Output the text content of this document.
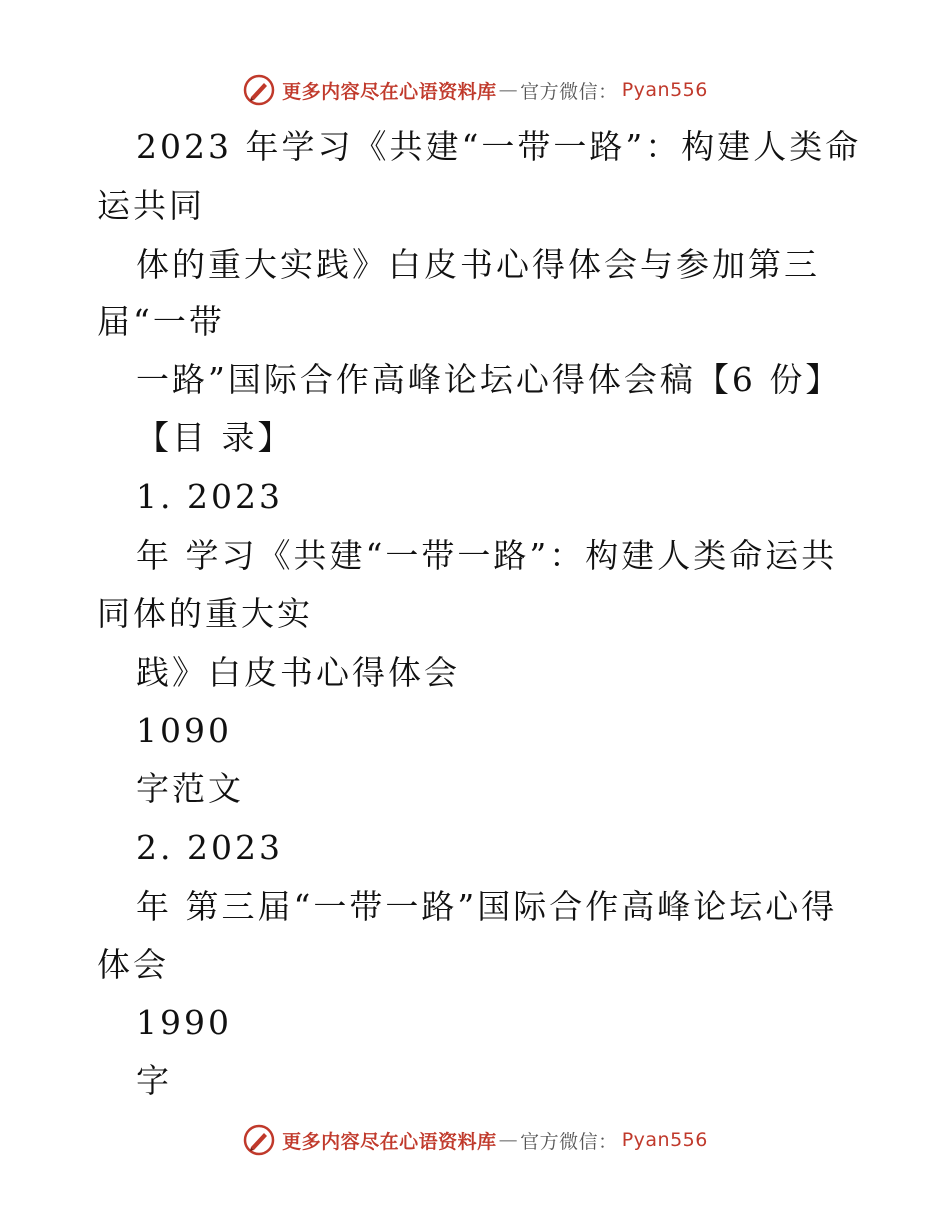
更多内容尽在心语资料库 — 官方微信： Pyan556
2023 年学习《共建“一带一路”：构建人类命
运共同
体的重大实践》白皮书心得体会与参加第三
届“一带
一路”国际合作高峰论坛心得体会稿【6 份】
【目 录】
1. 2023
年 学习《共建“一带一路”：构建人类命运共
同体的重大实
践》白皮书心得体会
1090
字范文
2. 2023
年 第三届“一带一路”国际合作高峰论坛心得
体会
1990
字
更多内容尽在心语资料库 — 官方微信： Pyan556
